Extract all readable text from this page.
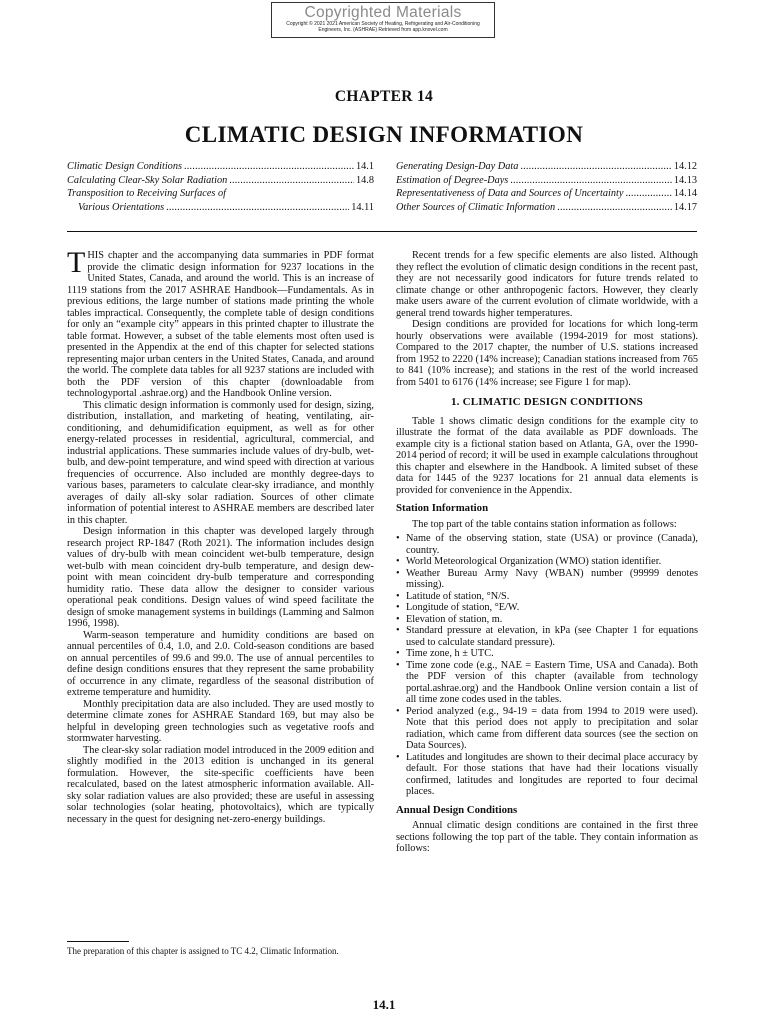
Copyrighted Materials
Copyright © 2021 2021 American Society of Heating, Refrigerating and Air-Conditioning
Engineers, Inc. (ASHRAE) Retrieved from app.knovel.com
CHAPTER 14
CLIMATIC DESIGN INFORMATION
Climatic Design Conditions . . .	14.1
Calculating Clear-Sky Solar Radiation . . .	14.8
Transposition to Receiving Surfaces of
Various Orientations . . .	14.11
Generating Design-Day Data . . .	14.12
Estimation of Degree-Days . . .	14.13
Representativeness of Data and Sources of Uncertainty . . .	14.14
Other Sources of Climatic Information . . .	14.17

THIS chapter and the accompanying data summaries in PDF format provide the climatic design information for 9237 locations in the United States, Canada, and around the world. This is an increase of 1119 stations from the 2017 ASHRAE Handbook—Fundamentals. As in previous editions, the large number of stations made printing the whole tables impractical. Consequently, the complete table of design conditions for only an “example city” appears in this printed chapter to illustrate the table format. However, a subset of the table elements most often used is presented in the Appendix at the end of this chapter for selected stations representing major urban centers in the United States, Canada, and around the world. The complete data tables for all 9237 stations are included with both the PDF version of this chapter (downloadable from technologyportal .ashrae.org) and the Handbook Online version.

This climatic design information is commonly used for design, sizing, distribution, installation, and marketing of heating, ventilating, air-conditioning, and dehumidification equipment, as well as for other energy-related processes in residential, agricultural, commercial, and industrial applications. These summaries include values of dry-bulb, wet-bulb, and dew-point temperature, and wind speed with direction at various frequencies of occurrence. Also included are monthly degree-days to various bases, parameters to calculate clear-sky irradiance, and monthly averages of daily all-sky solar radiation. Sources of other climate information of potential interest to ASHRAE members are described later in this chapter.

Design information in this chapter was developed largely through research project RP-1847 (Roth 2021). The information includes design values of dry-bulb with mean coincident wet-bulb temperature, design wet-bulb with mean coincident dry-bulb temperature, and design dew-point with mean coincident dry-bulb temperature and corresponding humidity ratio. These data allow the designer to consider various operational peak conditions. Design values of wind speed facilitate the design of smoke management systems in buildings (Lamming and Salmon 1996, 1998).

Warm-season temperature and humidity conditions are based on annual percentiles of 0.4, 1.0, and 2.0. Cold-season conditions are based on annual percentiles of 99.6 and 99.0. The use of annual percentiles to define design conditions ensures that they represent the same probability of occurrence in any climate, regardless of the seasonal distribution of extreme temperature and humidity.

Monthly precipitation data are also included. They are used mostly to determine climate zones for ASHRAE Standard 169, but may also be helpful in developing green technologies such as vegetative roofs and stormwater harvesting.

The clear-sky solar radiation model introduced in the 2009 edition and slightly modified in the 2013 edition is unchanged in its general formulation. However, the site-specific coefficients have been recalculated, based on the latest atmospheric information available. All-sky solar radiation values are also provided; these are useful in assessing solar technologies (solar heating, photovoltaics), which are typically necessary in the quest for designing net-zero-energy buildings.

Recent trends for a few specific elements are also listed. Although they reflect the evolution of climatic design conditions in the recent past, they are not necessarily good indicators for future trends related to climate change or other anthropogenic factors. However, they clearly make users aware of the current evolution of climate worldwide, with a general trend towards higher temperatures.

Design conditions are provided for locations for which long-term hourly observations were available (1994-2019 for most stations). Compared to the 2017 chapter, the number of U.S. stations increased from 1952 to 2220 (14% increase); Canadian stations increased from 765 to 841 (10% increase); and stations in the rest of the world increased from 5401 to 6176 (14% increase; see Figure 1 for map).

1. CLIMATIC DESIGN CONDITIONS

Table 1 shows climatic design conditions for the example city to illustrate the format of the data available as PDF downloads. The example city is a fictional station based on Atlanta, GA, over the 1990-2014 period of record; it will be used in example calculations throughout this chapter and elsewhere in the Handbook. A limited subset of these data for 1445 of the 9237 locations for 21 annual data elements is provided for convenience in the Appendix.

Station Information

The top part of the table contains station information as follows:

• Name of the observing station, state (USA) or province (Canada), country.
• World Meteorological Organization (WMO) station identifier.
• Weather Bureau Army Navy (WBAN) number (99999 denotes missing).
• Latitude of station, °N/S.
• Longitude of station, °E/W.
• Elevation of station, m.
• Standard pressure at elevation, in kPa (see Chapter 1 for equations used to calculate standard pressure).
• Time zone, h ± UTC.
• Time zone code (e.g., NAE = Eastern Time, USA and Canada). Both the PDF version of this chapter (available from technology portal.ashrae.org) and the Handbook Online version contain a list of all time zone codes used in the tables.
• Period analyzed (e.g., 94-19 = data from 1994 to 2019 were used). Note that this period does not apply to precipitation and solar radiation, which came from different data sources (see the section on Data Sources).
• Latitudes and longitudes are shown to their decimal place accuracy by default. For those stations that have had their locations visually confirmed, latitudes and longitudes are reported to four decimal places.
Annual Design Conditions

Annual climatic design conditions are contained in the first three sections following the top part of the table. They contain information as follows:

The preparation of this chapter is assigned to TC 4.2, Climatic Information.
14.1
